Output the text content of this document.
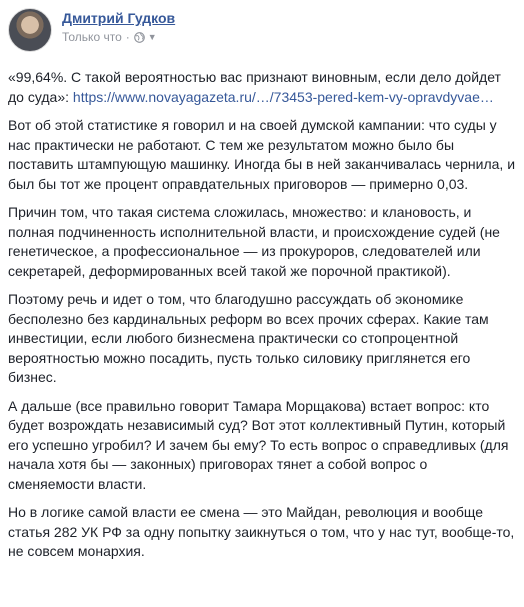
Дмитрий Гудков
Только что · ▼

«99,64%. С такой вероятностью вас признают виновным, если дело дойдет до суда»: https://www.novayagazeta.ru/…/73453-pered-kem-vy-opravdyvae…

Вот об этой статистике я говорил и на своей думской кампании: что суды у нас практически не работают. С тем же результатом можно было бы поставить штампующую машинку. Иногда бы в ней заканчивалась чернила, и был бы тот же процент оправдательных приговоров — примерно 0,03.

Причин том, что такая система сложилась, множество: и клановость, и полная подчиненность исполнительной власти, и происхождение судей (не генетическое, а профессиональное — из прокуроров, следователей или секретарей, деформированных всей такой же порочной практикой).

Поэтому речь и идет о том, что благодушно рассуждать об экономике бесполезно без кардинальных реформ во всех прочих сферах. Какие там инвестиции, если любого бизнесмена практически со стопроцентной вероятностью можно посадить, пусть только силовику приглянется его бизнес.

А дальше (все правильно говорит Тамара Морщакова) встает вопрос: кто будет возрождать независимый суд? Вот этот коллективный Путин, который его успешно угробил? И зачем бы ему? То есть вопрос о справедливых (для начала хотя бы — законных) приговорах тянет а собой вопрос о сменяемости власти.

Но в логике самой власти ее смена — это Майдан, революция и вообще статья 282 УК РФ за одну попытку заикнуться о том, что у нас тут, вообще-то, не совсем монархия.
